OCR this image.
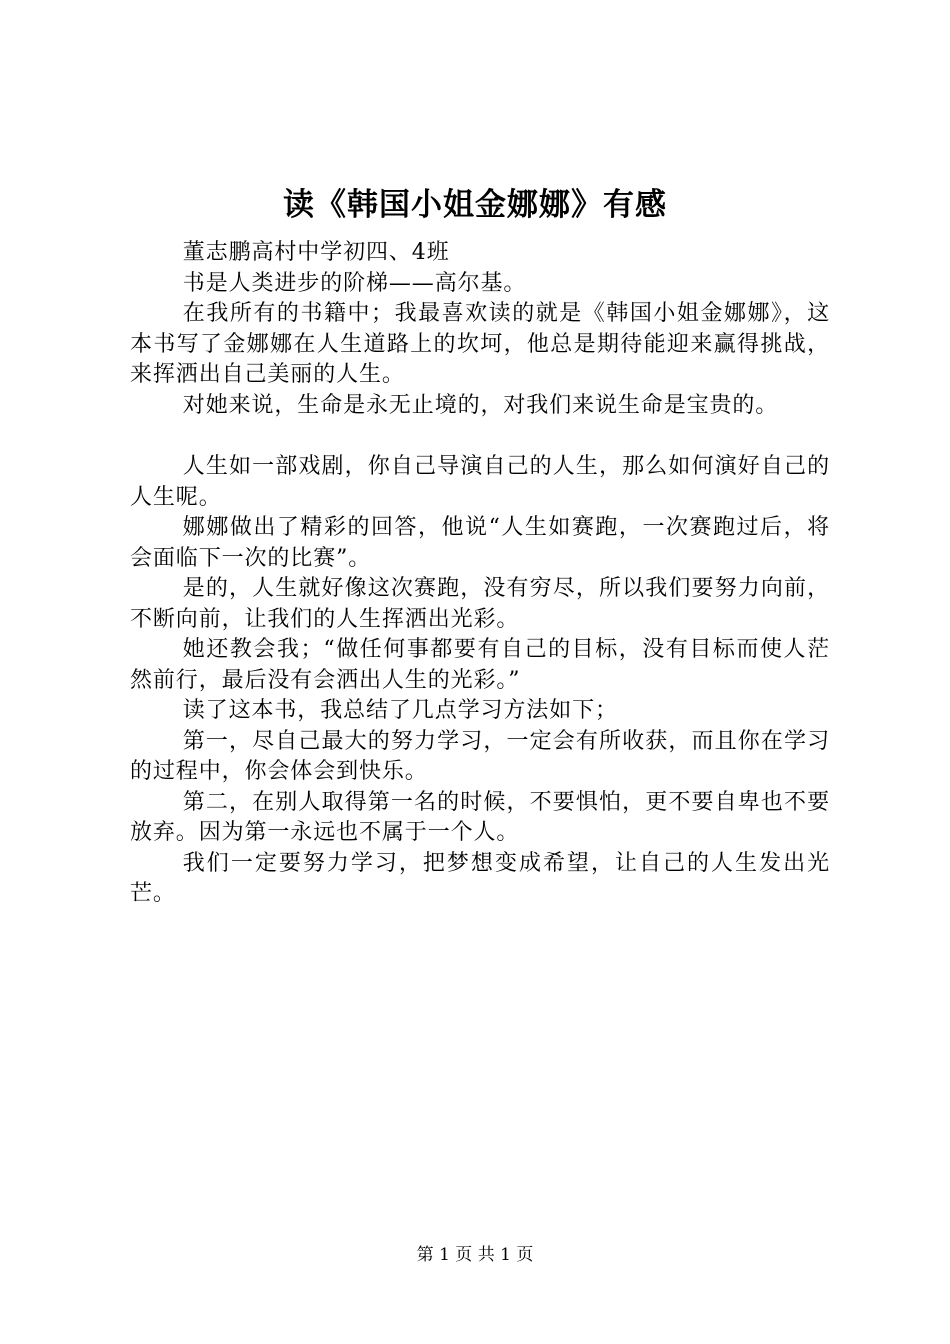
读《韩国小姐金娜娜》有感

董志鹏高村中学初四、4班

书是人类进步的阶梯——高尔基。

在我所有的书籍中；我最喜欢读的就是《韩国小姐金娜娜》，这本书写了金娜娜在人生道路上的坎坷，他总是期待能迎来赢得挑战，来挥洒出自己美丽的人生。

对她来说，生命是永无止境的，对我们来说生命是宝贵的。

人生如一部戏剧，你自己导演自己的人生，那么如何演好自己的人生呢。

娜娜做出了精彩的回答，他说“人生如赛跑，一次赛跑过后，将会面临下一次的比赛”。

是的，人生就好像这次赛跑，没有穷尽，所以我们要努力向前，不断向前，让我们的人生挥洒出光彩。

她还教会我；“做任何事都要有自己的目标，没有目标而使人茫然前行，最后没有会洒出人生的光彩。”

读了这本书，我总结了几点学习方法如下；

第一，尽自己最大的努力学习，一定会有所收获，而且你在学习的过程中，你会体会到快乐。

第二，在别人取得第一名的时候，不要惧怕，更不要自卑也不要放弃。因为第一永远也不属于一个人。

我们一定要努力学习，把梦想变成希望，让自己的人生发出光芒。

第 1 页 共 1 页
